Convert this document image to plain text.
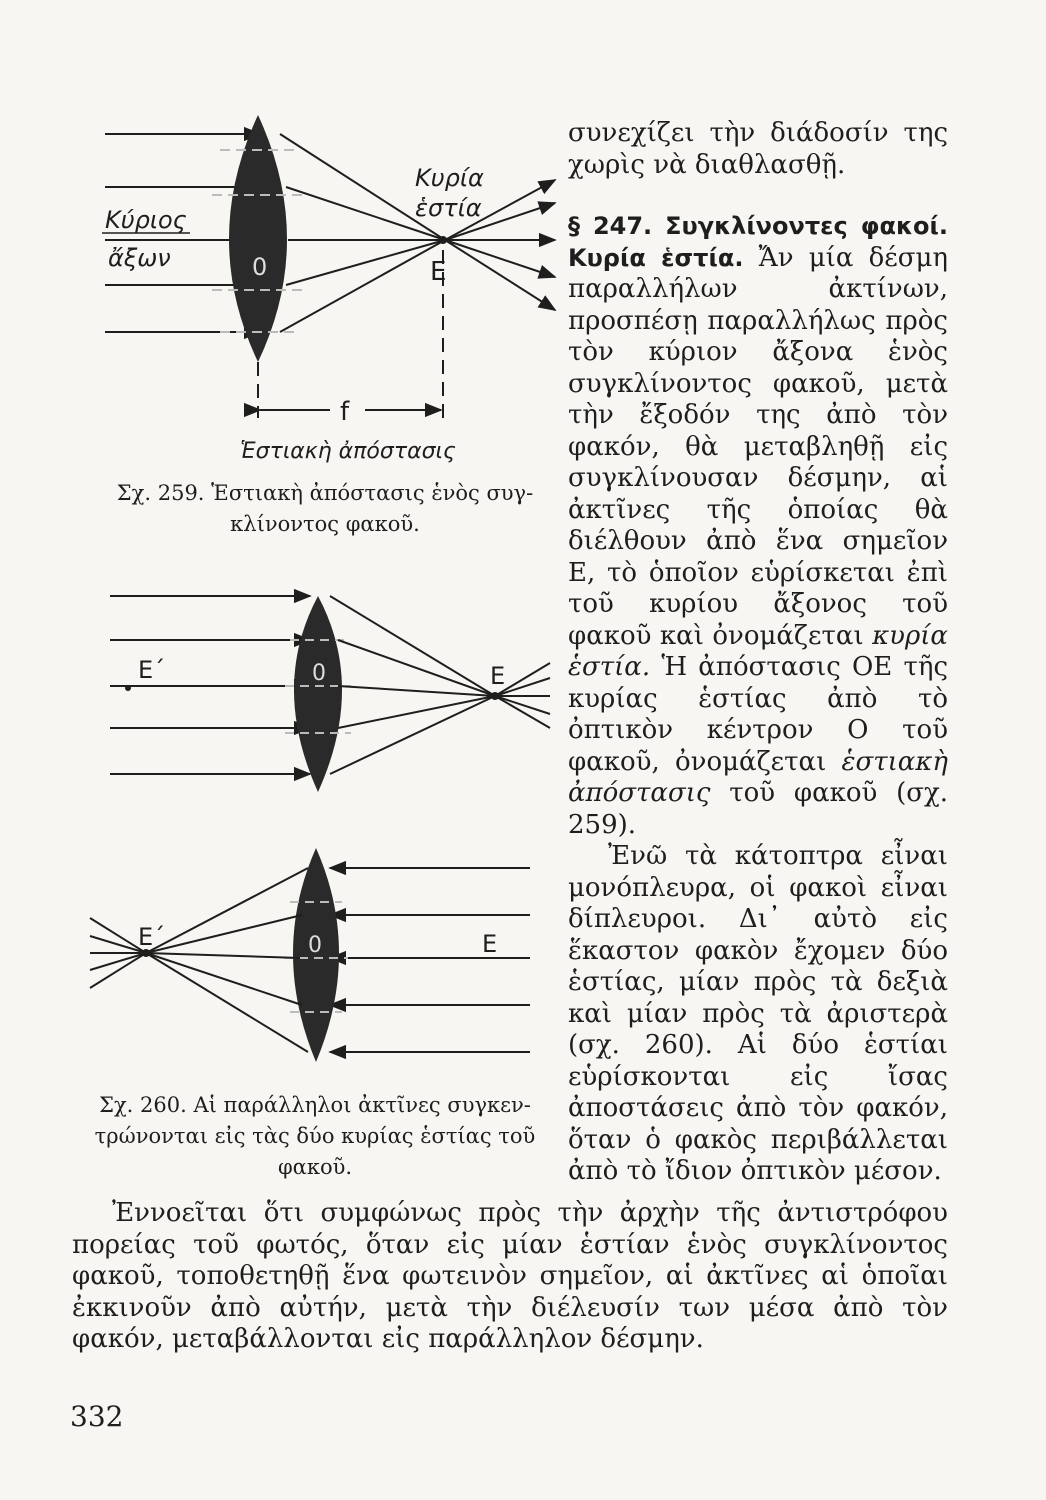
Κύριος
ἄξων
Κυρία
ἑστία
0	E
f
Ἑστιακὴ ἀπόστασις
Σχ. 259. Ἑστιακὴ ἀπόστασις ἑνὸς συγ-
κλίνοντος φακοῦ.
E΄	0	E
E΄	0	E
Σχ. 260. Αἱ παράλληλοι ἀκτῖνες συγκεν-
τρώνονται εἰς τὰς δύο κυρίας ἑστίας τοῦ
φακοῦ.

συνεχίζει τὴν διάδοσίν της χωρὶς νὰ διαθλασθῇ.

§ 247. Συγκλίνοντες φακοί. Κυρία ἑστία. Ἄν μία δέσμη παραλλήλων ἀκτίνων, προσπέσῃ παραλλήλως πρὸς τὸν κύριον ἄξονα ἑνὸς συγκλίνοντος φακοῦ, μετὰ τὴν ἔξοδόν της ἀπὸ τὸν φακόν, θὰ μεταβληθῇ εἰς συγκλίνουσαν δέσμην, αἱ ἀκτῖνες τῆς ὁποίας θὰ διέλθουν ἀπὸ ἕνα σημεῖον Ε, τὸ ὁποῖον εὑρίσκεται ἐπὶ τοῦ κυρίου ἄξονος τοῦ φακοῦ καὶ ὀνομάζεται κυρία ἑστία. Ἡ ἀπόστασις ΟΕ τῆς κυρίας ἑστίας ἀπὸ τὸ ὀπτικὸν κέντρον Ο τοῦ φακοῦ, ὀνομάζεται ἑστιακὴ ἀπόστασις τοῦ φακοῦ (σχ. 259).

Ἐνῶ τὰ κάτοπτρα εἶναι μονόπλευρα, οἱ φακοὶ εἶναι δίπλευροι. Δι᾿ αὐτὸ εἰς ἕκαστον φακὸν ἔχομεν δύο ἑστίας, μίαν πρὸς τὰ δεξιὰ καὶ μίαν πρὸς τὰ ἀριστερὰ (σχ. 260). Αἱ δύο ἑστίαι εὑρίσκονται εἰς ἴσας ἀποστάσεις ἀπὸ τὸν φακόν, ὅταν ὁ φακὸς περιβάλλεται ἀπὸ τὸ ἴδιον ὀπτικὸν μέσον.

Ἐννοεῖται ὅτι συμφώνως πρὸς τὴν ἀρχὴν τῆς ἀντιστρόφου πορείας τοῦ φωτός, ὅταν εἰς μίαν ἑστίαν ἑνὸς συγκλίνοντος φακοῦ, τοποθετηθῇ ἕνα φωτεινὸν σημεῖον, αἱ ἀκτῖνες αἱ ὁποῖαι ἐκκινοῦν ἀπὸ αὐτήν, μετὰ τὴν διέλευσίν των μέσα ἀπὸ τὸν φακόν, μεταβάλλονται εἰς παράλληλον δέσμην.

332
